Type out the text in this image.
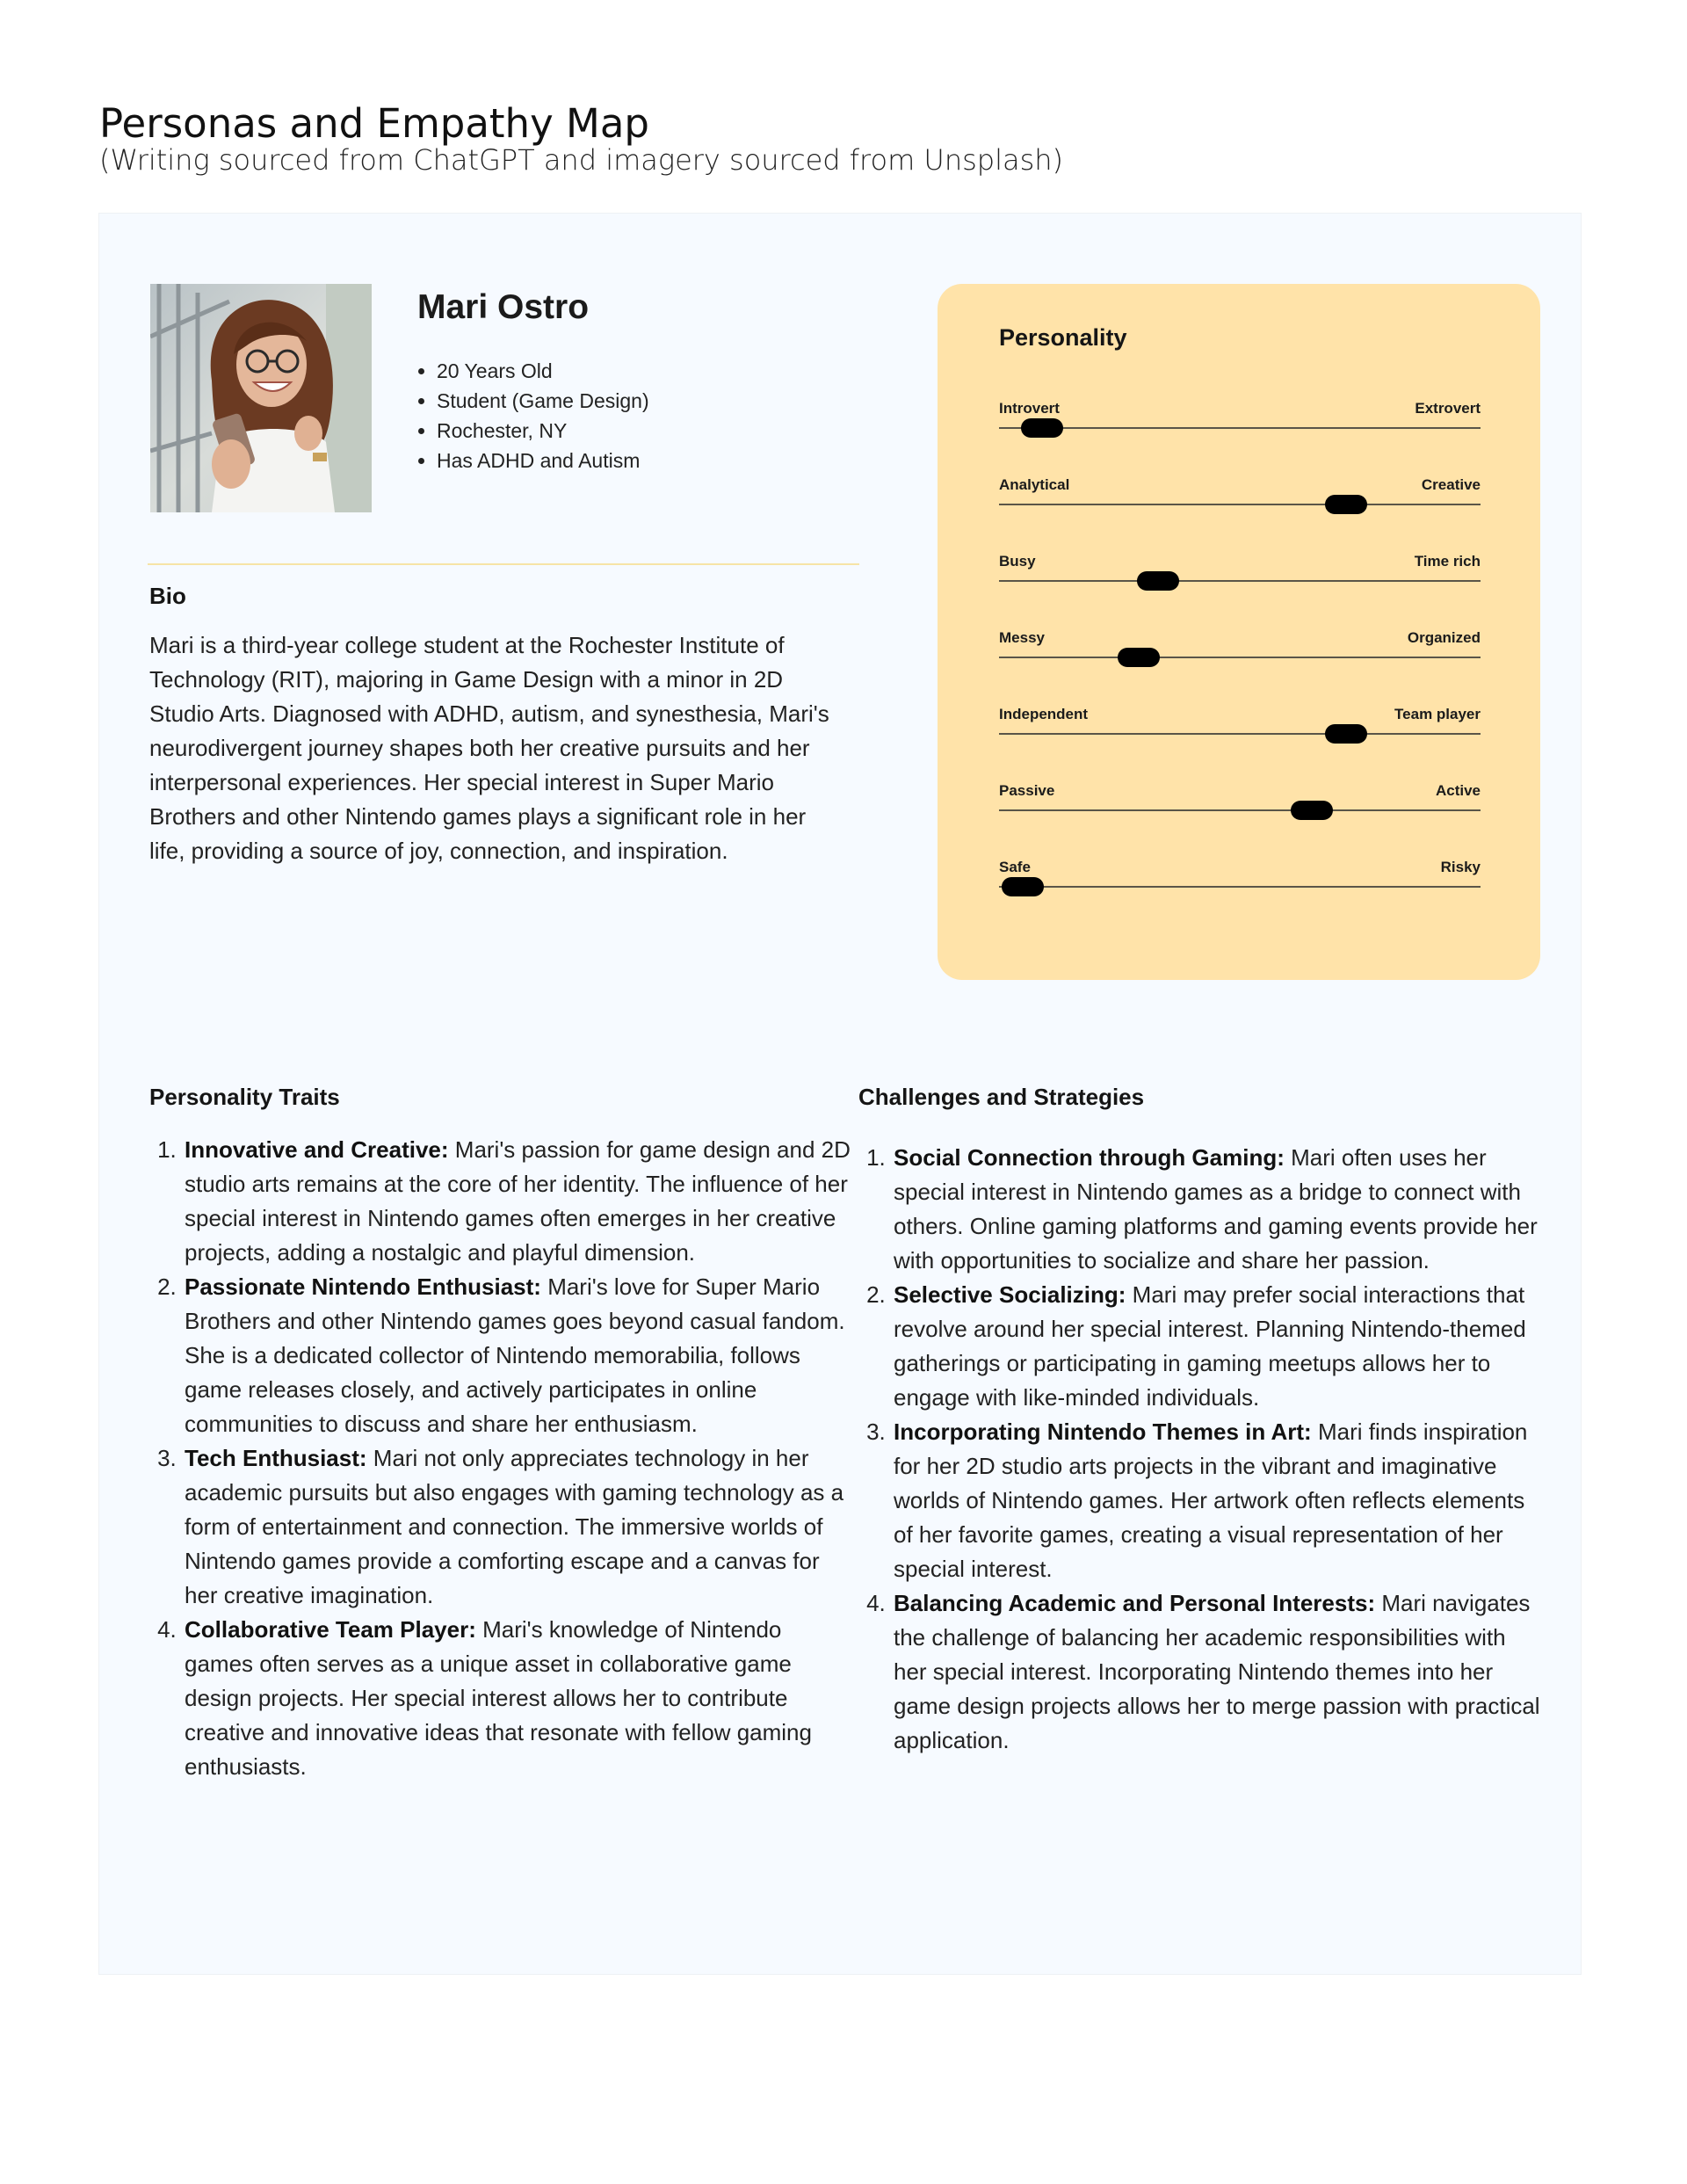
Personas and Empathy Map

(Writing sourced from ChatGPT and imagery sourced from Unsplash)

Mari Ostro
• 20 Years Old
• Student (Game Design)
• Rochester, NY
• Has ADHD and Autism
Bio

Mari is a third-year college student at the Rochester Institute of Technology (RIT), majoring in Game Design with a minor in 2D Studio Arts. Diagnosed with ADHD, autism, and synesthesia, Mari's neurodivergent journey shapes both her creative pursuits and her interpersonal experiences. Her special interest in Super Mario Brothers and other Nintendo games plays a significant role in her life, providing a source of joy, connection, and inspiration.

Personality
Introvert	Extrovert
Analytical	Creative
Busy	Time rich
Messy	Organized
Independent	Team player
Passive	Active
Safe	Risky
Personality Traits
1. Innovative and Creative: Mari's passion for game design and 2D studio arts remains at the core of her identity. The influence of her special interest in Nintendo games often emerges in her creative projects, adding a nostalgic and playful dimension.
2. Passionate Nintendo Enthusiast: Mari's love for Super Mario Brothers and other Nintendo games goes beyond casual fandom. She is a dedicated collector of Nintendo memorabilia, follows game releases closely, and actively participates in online communities to discuss and share her enthusiasm.
3. Tech Enthusiast: Mari not only appreciates technology in her academic pursuits but also engages with gaming technology as a form of entertainment and connection. The immersive worlds of Nintendo games provide a comforting escape and a canvas for her creative imagination.
4. Collaborative Team Player: Mari's knowledge of Nintendo games often serves as a unique asset in collaborative game design projects. Her special interest allows her to contribute creative and innovative ideas that resonate with fellow gaming enthusiasts.
Challenges and Strategies
1. Social Connection through Gaming: Mari often uses her special interest in Nintendo games as a bridge to connect with others. Online gaming platforms and gaming events provide her with opportunities to socialize and share her passion.
2. Selective Socializing: Mari may prefer social interactions that revolve around her special interest. Planning Nintendo-themed gatherings or participating in gaming meetups allows her to engage with like-minded individuals.
3. Incorporating Nintendo Themes in Art: Mari finds inspiration for her 2D studio arts projects in the vibrant and imaginative worlds of Nintendo games. Her artwork often reflects elements of her favorite games, creating a visual representation of her special interest.
4. Balancing Academic and Personal Interests: Mari navigates the challenge of balancing her academic responsibilities with her special interest. Incorporating Nintendo themes into her game design projects allows her to merge passion with practical application.
